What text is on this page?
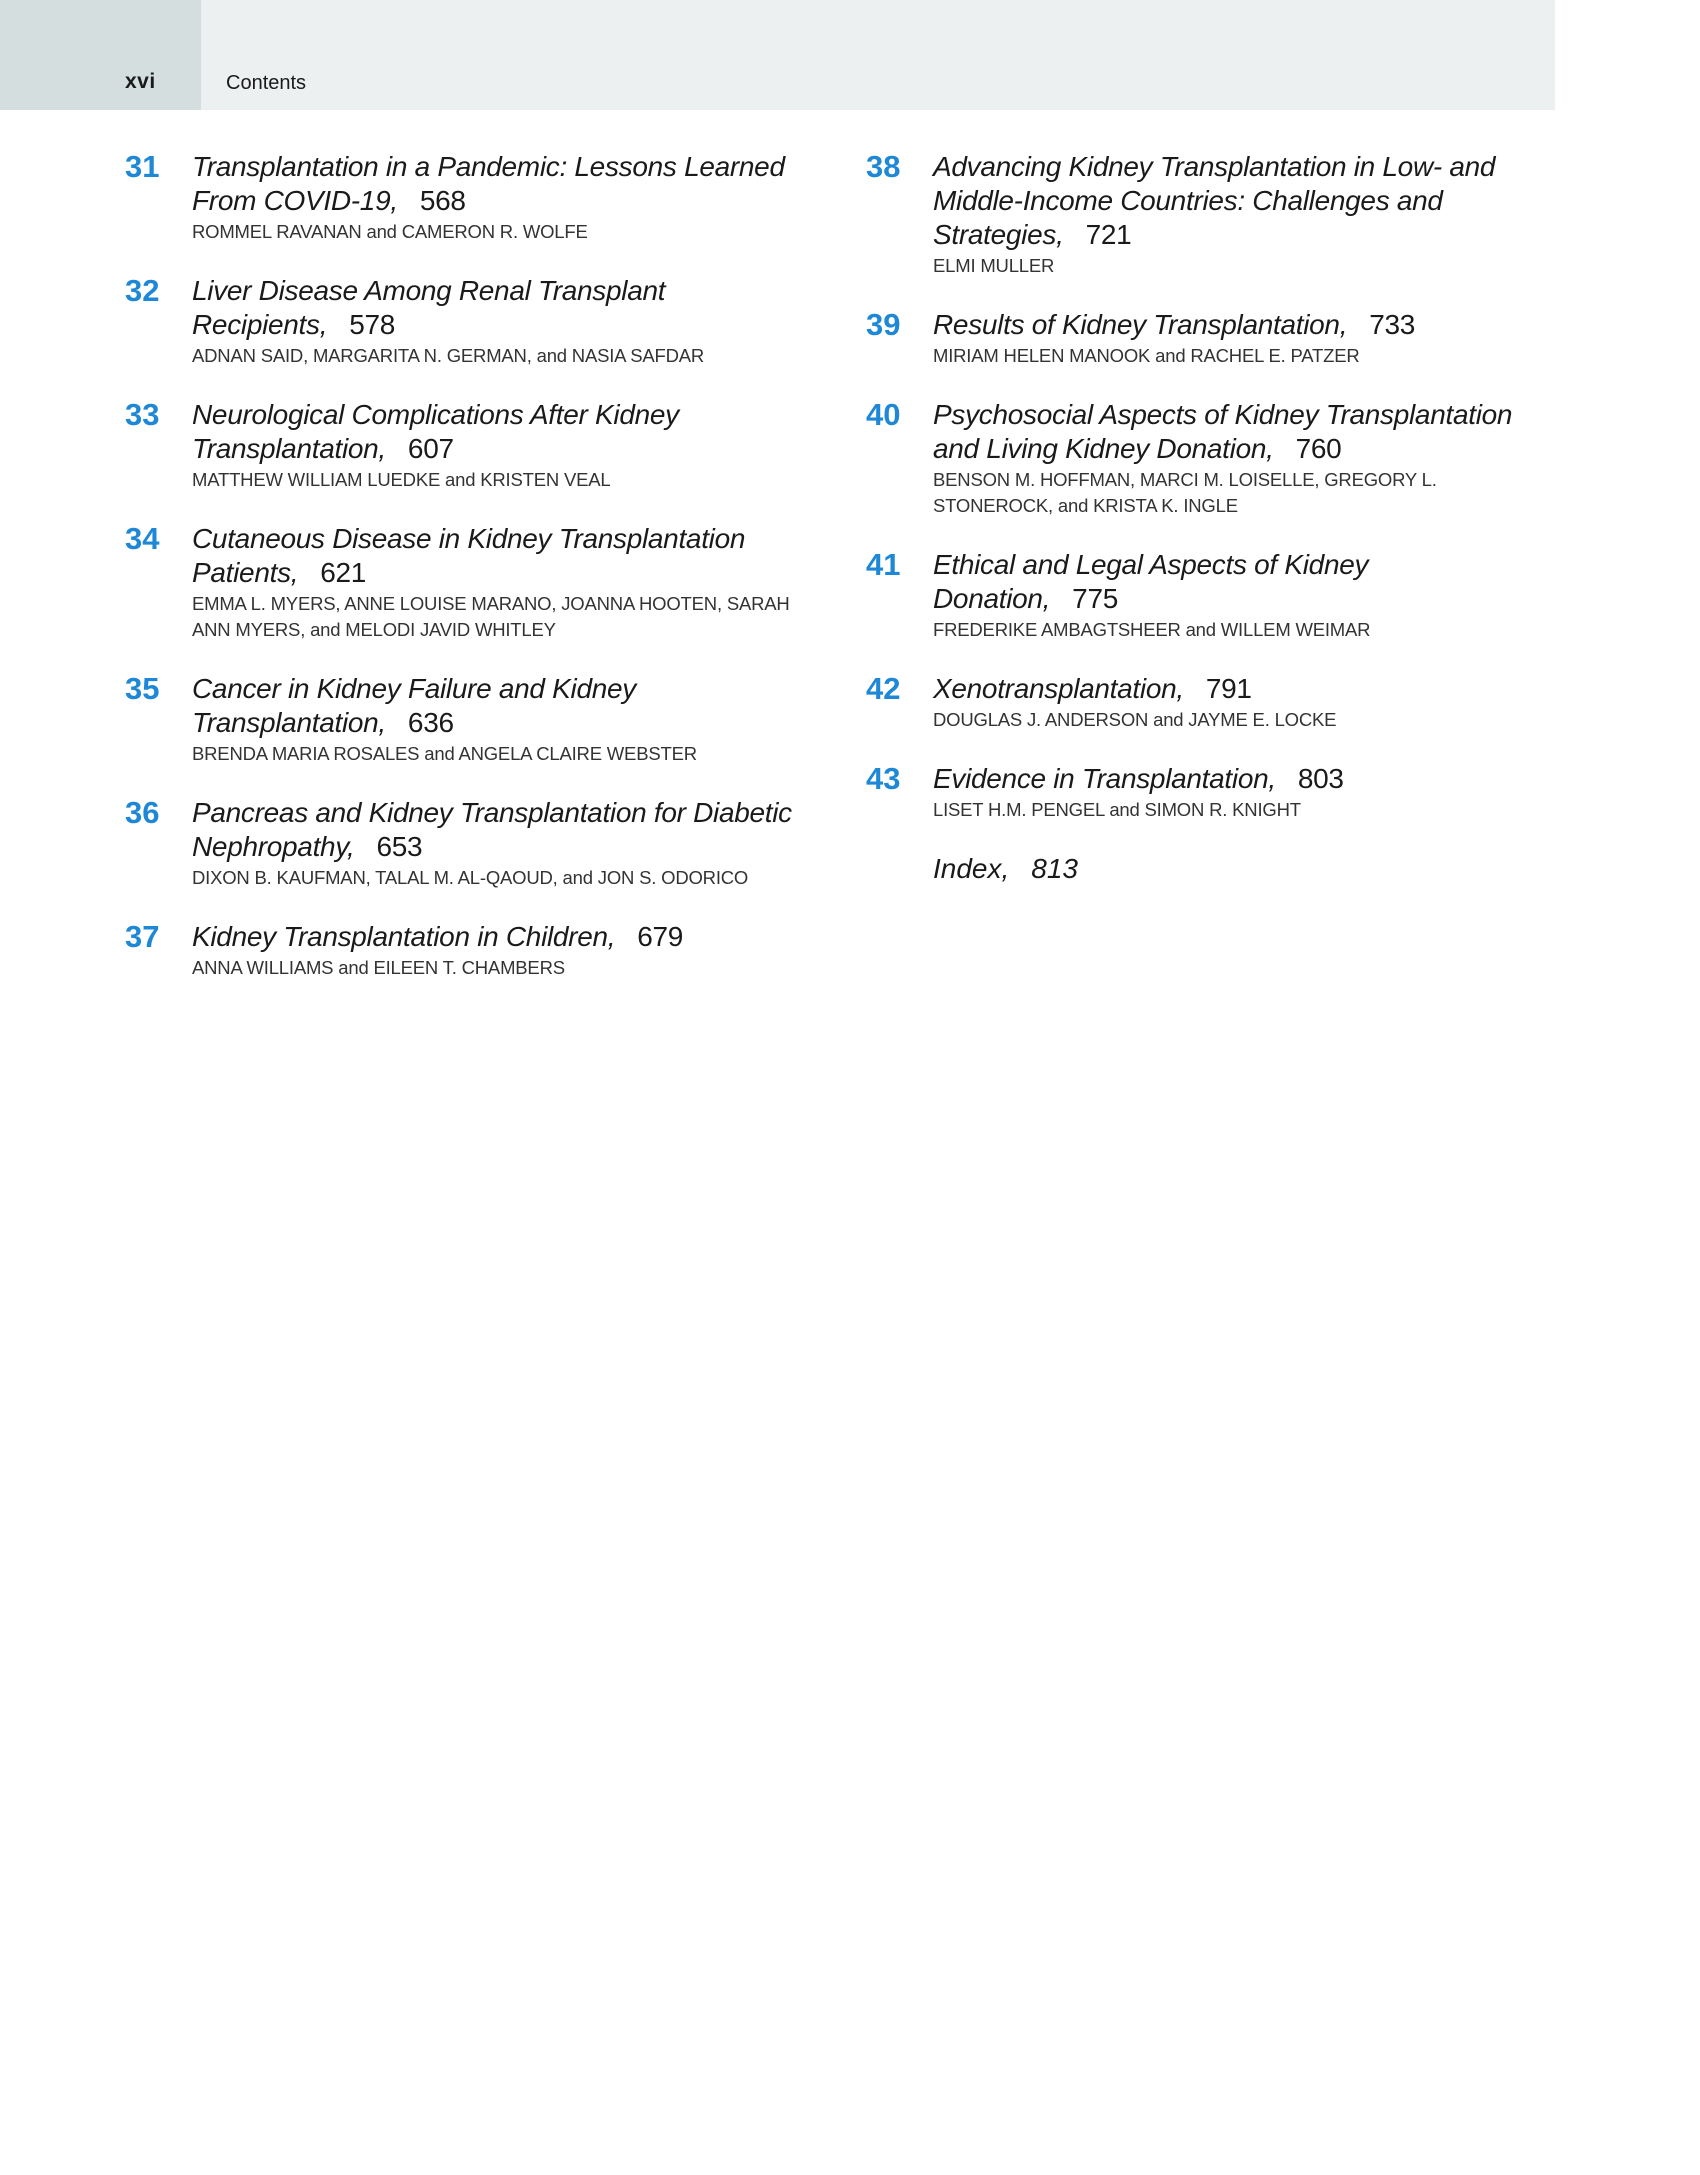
xvi	Contents
31 Transplantation in a Pandemic: Lessons Learned From COVID-19, 568
ROMMEL RAVANAN and CAMERON R. WOLFE
32 Liver Disease Among Renal Transplant Recipients, 578
ADNAN SAID, MARGARITA N. GERMAN, and NASIA SAFDAR
33 Neurological Complications After Kidney Transplantation, 607
MATTHEW WILLIAM LUEDKE and KRISTEN VEAL
34 Cutaneous Disease in Kidney Transplantation Patients, 621
EMMA L. MYERS, ANNE LOUISE MARANO, JOANNA HOOTEN, SARAH ANN MYERS, and MELODI JAVID WHITLEY
35 Cancer in Kidney Failure and Kidney Transplantation, 636
BRENDA MARIA ROSALES and ANGELA CLAIRE WEBSTER
36 Pancreas and Kidney Transplantation for Diabetic Nephropathy, 653
DIXON B. KAUFMAN, TALAL M. AL-QAOUD, and JON S. ODORICO
37 Kidney Transplantation in Children, 679
ANNA WILLIAMS and EILEEN T. CHAMBERS
38 Advancing Kidney Transplantation in Low- and Middle-Income Countries: Challenges and Strategies, 721
ELMI MULLER
39 Results of Kidney Transplantation, 733
MIRIAM HELEN MANOOK and RACHEL E. PATZER
40 Psychosocial Aspects of Kidney Transplantation and Living Kidney Donation, 760
BENSON M. HOFFMAN, MARCI M. LOISELLE, GREGORY L. STONEROCK, and KRISTA K. INGLE
41 Ethical and Legal Aspects of Kidney Donation, 775
FREDERIKE AMBAGTSHEER and WILLEM WEIMAR
42 Xenotransplantation, 791
DOUGLAS J. ANDERSON and JAYME E. LOCKE
43 Evidence in Transplantation, 803
LISET H.M. PENGEL and SIMON R. KNIGHT
Index, 813
